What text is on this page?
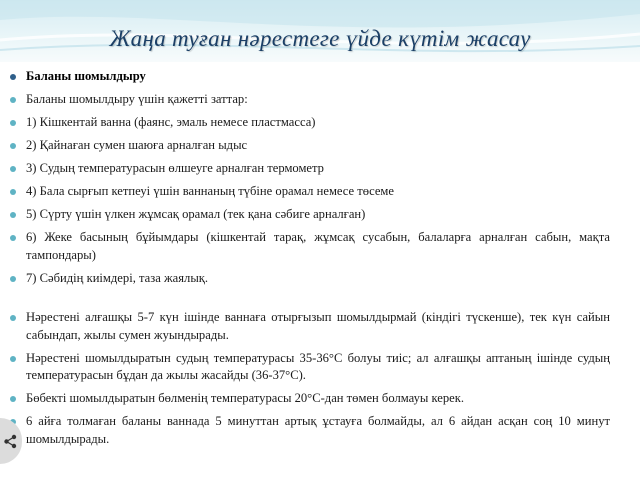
Жаңа туған нәрестеге үйде күтім жасау
Баланы шомылдыру
Баланы шомылдыру үшін қажетті заттар:
1) Кішкентай ванна (фаянс, эмаль немесе пластмасса)
2) Қайнаған сумен шаюға арналған ыдыс
3) Судың температурасын өлшеуге арналған термометр
4) Бала сырғып кетпеуі үшін ваннаның түбіне орамал немесе төсеме
5) Сүрту үшін үлкен жұмсақ орамал (тек қана сәбиге арналған)
6) Жеке басының бұйымдары (кішкентай тарақ, жұмсақ сусабын, балаларға арналған сабын, мақта тампондары)
7) Сәбидің киімдері, таза жаялық.
Нәрестені алғашқы 5-7 күн ішінде ваннаға отырғызып шомылдырмай (кіндігі түскенше), тек күн сайын сабындап, жылы сумен жуындырады.
Нәрестені шомылдыратын судың температурасы 35-36°С болуы тиіс; ал алғашқы аптаның ішінде судың температурасын бұдан да жылы жасайды (36-37°С).
Бөбекті шомылдыратын бөлменің температурасы 20°С-дан төмен болмауы керек.
6 айға толмаған баланы ваннада 5 минуттан артық ұстауға болмайды, ал 6 айдан асқан соң 10 минут шомылдырады.
